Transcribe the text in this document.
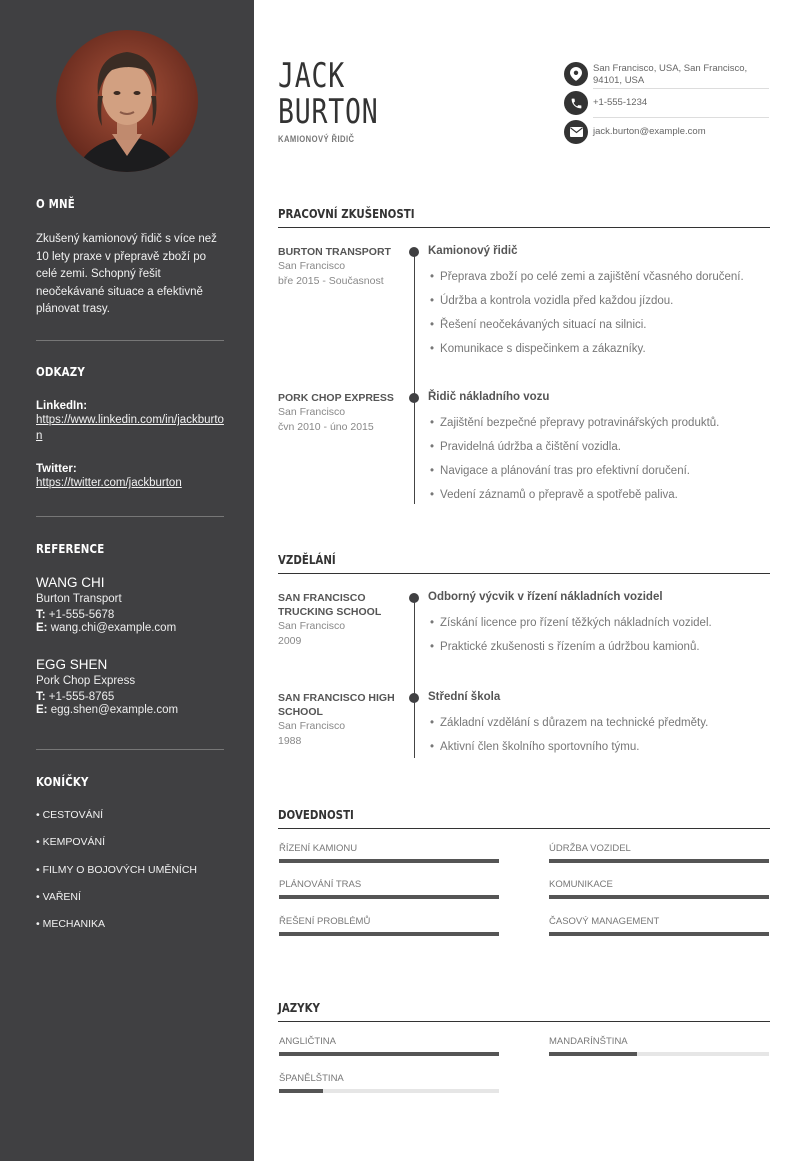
O MNĚ

Zkušený kamionový řidič s více než 10 lety praxe v přepravě zboží po celé zemi. Schopný řešit neočekávané situace a efektivně plánovat trasy.

ODKAZY
LinkedIn:
https://www.linkedin.com/in/jackburton
Twitter:
https://twitter.com/jackburton
REFERENCE
WANG CHI
Burton Transport
T: +1-555-5678
E: wang.chi@example.com
EGG SHEN
Pork Chop Express
T: +1-555-8765
E: egg.shen@example.com
KONÍČKY
• CESTOVÁNÍ
• KEMPOVÁNÍ
• FILMY O BOJOVÝCH UMĚNÍCH
• VAŘENÍ
• MECHANIKA
JACK
BURTON
KAMIONOVÝ ŘIDIČ
San Francisco, USA, San Francisco, 94101, USA
+1-555-1234
jack.burton@example.com
PRACOVNÍ ZKUŠENOSTI
BURTON TRANSPORT
San Francisco
bře 2015 - Současnost
Kamionový řidič
• Přeprava zboží po celé zemi a zajištění včasného doručení.
• Údržba a kontrola vozidla před každou jízdou.
• Řešení neočekávaných situací na silnici.
• Komunikace s dispečinkem a zákazníky.
PORK CHOP EXPRESS
San Francisco
čvn 2010 - úno 2015
Řidič nákladního vozu
• Zajištění bezpečné přepravy potravinářských produktů.
• Pravidelná údržba a čištění vozidla.
• Navigace a plánování tras pro efektivní doručení.
• Vedení záznamů o přepravě a spotřebě paliva.
VZDĚLÁNÍ
SAN FRANCISCO TRUCKING SCHOOL
San Francisco
2009
Odborný výcvik v řízení nákladních vozidel
• Získání licence pro řízení těžkých nákladních vozidel.
• Praktické zkušenosti s řízením a údržbou kamionů.
SAN FRANCISCO HIGH SCHOOL
San Francisco
1988
Střední škola
• Základní vzdělání s důrazem na technické předměty.
• Aktivní člen školního sportovního týmu.
DOVEDNOSTI
ŘÍZENÍ KAMIONU	ÚDRŽBA VOZIDEL
PLÁNOVÁNÍ TRAS	KOMUNIKACE
ŘEŠENÍ PROBLÉMŮ	ČASOVÝ MANAGEMENT
JAZYKY
ANGLIČTINA	MANDARÍNŠTINA
ŠPANĚLŠTINA
